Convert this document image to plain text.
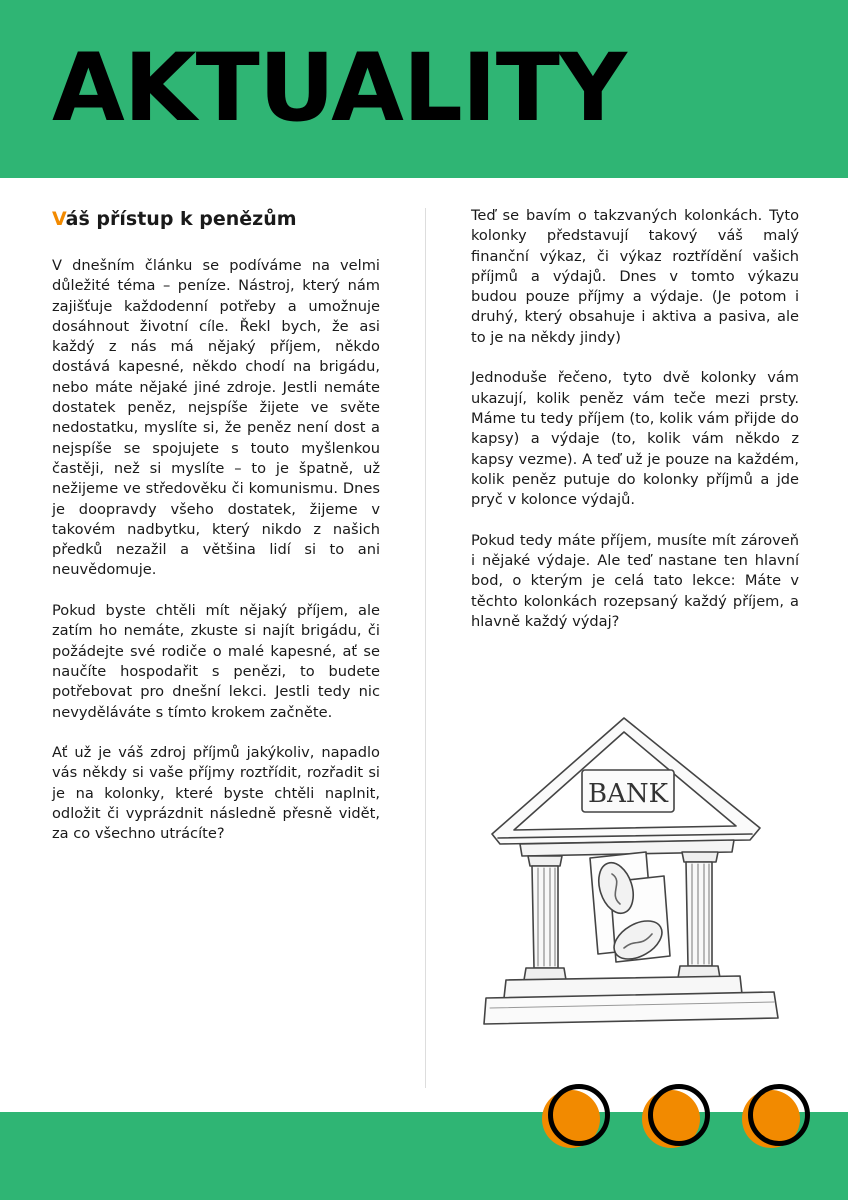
AKTUALITY
Váš přístup k penězům

V dnešním článku se podíváme na velmi důležité téma – peníze. Nástroj, který nám zajišťuje každodenní potřeby a umožnuje dosáhnout životní cíle. Řekl bych, že asi každý z nás má nějaký příjem, někdo dostává kapesné, někdo chodí na brigádu, nebo máte nějaké jiné zdroje. Jestli nemáte dostatek peněz, nejspíše žijete ve světe nedostatku, myslíte si, že peněz není dost a nejspíše se spojujete s touto myšlenkou častěji, než si myslíte – to je špatně, už nežijeme ve středověku či komunismu. Dnes je doopravdy všeho dostatek, žijeme v takovém nadbytku, který nikdo z našich předků nezažil a většina lidí si to ani neuvědomuje.

Pokud byste chtěli mít nějaký příjem, ale zatím ho nemáte, zkuste si najít brigádu, či požádejte své rodiče o malé kapesné, ať se naučíte hospodařit s penězi, to budete potřebovat pro dnešní lekci. Jestli tedy nic nevyděláváte s tímto krokem začněte.

Ať už je váš zdroj příjmů jakýkoliv, napadlo vás někdy si vaše příjmy roztřídit, rozřadit si je na kolonky, které byste chtěli naplnit, odložit či vyprázdnit následně přesně vidět, za co všechno utrácíte?

Teď se bavím o takzvaných kolonkách. Tyto kolonky představují takový váš malý finanční výkaz, či výkaz roztřídění vašich příjmů a výdajů. Dnes v tomto výkazu budou pouze příjmy a výdaje. (Je potom i druhý, který obsahuje i aktiva a pasiva, ale to je na někdy jindy)

Jednoduše řečeno, tyto dvě kolonky vám ukazují, kolik peněz vám teče mezi prsty. Máme tu tedy příjem (to, kolik vám přijde do kapsy) a výdaje (to, kolik vám někdo z kapsy vezme). A teď už je pouze na každém, kolik peněz putuje do kolonky příjmů a jde pryč v kolonce výdajů.

Pokud tedy máte příjem, musíte mít zároveň i nějaké výdaje. Ale teď nastane ten hlavní bod, o kterým je celá tato lekce: Máte v těchto kolonkách rozepsaný každý příjem, a hlavně každý výdaj?

BANK
